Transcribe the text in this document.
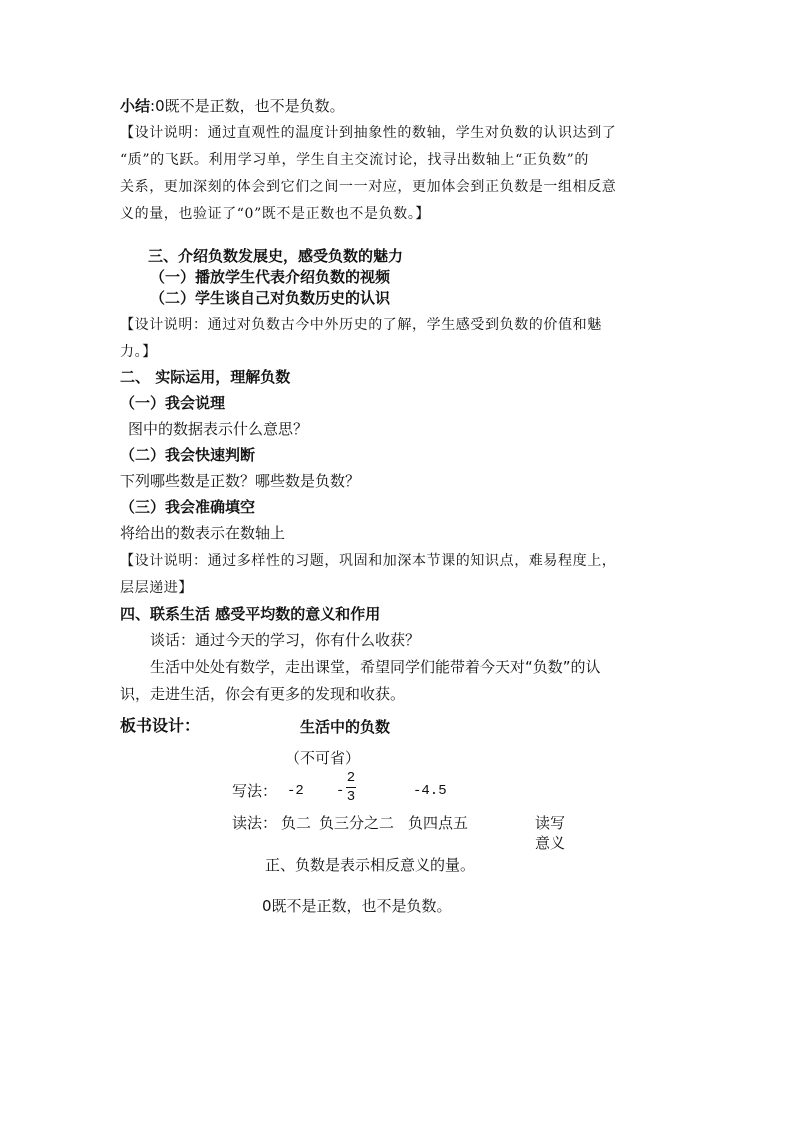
小结:0既不是正数，也不是负数。
【设计说明：通过直观性的温度计到抽象性的数轴，学生对负数的认识达到了
“质”的飞跃。利用学习单，学生自主交流讨论，找寻出数轴上“正负数”的
关系，更加深刻的体会到它们之间一一对应，更加体会到正负数是一组相反意
义的量，也验证了“0”既不是正数也不是负数。】
三、介绍负数发展史，感受负数的魅力
（一）播放学生代表介绍负数的视频
（二）学生谈自己对负数历史的认识
【设计说明：通过对负数古今中外历史的了解，学生感受到负数的价值和魅
力。】
二、 实际运用，理解负数
（一）我会说理
图中的数据表示什么意思？
（二）我会快速判断
下列哪些数是正数？哪些数是负数？
（三）我会准确填空
将给出的数表示在数轴上
【设计说明：通过多样性的习题，巩固和加深本节课的知识点，难易程度上，
层层递进】
四、联系生活 感受平均数的意义和作用
谈话：通过今天的学习，你有什么收获？
生活中处处有数学，走出课堂，希望同学们能带着今天对“负数”的认
识，走进生活，你会有更多的发现和收获。
板书设计：	生活中的负数
（不可省）
写法： -2 -
2
3	-4.5
读法： 负二 负三分之二 负四点五	读写
意义
正、负数是表示相反意义的量。
0既不是正数，也不是负数。
